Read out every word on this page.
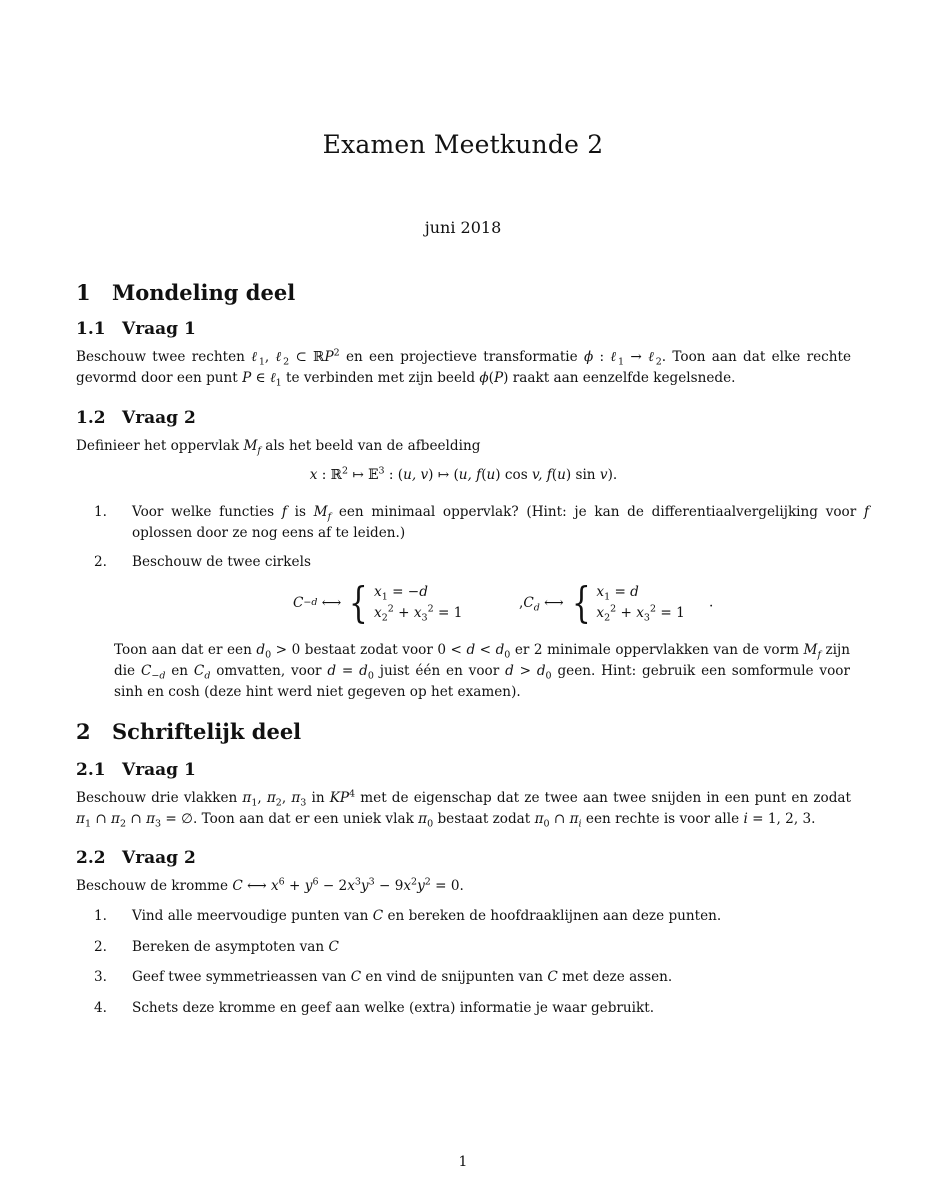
Examen Meetkunde 2
juni 2018
1 Mondeling deel
1.1 Vraag 1
Beschouw twee rechten ℓ$_1$, ℓ$_2$ ⊂ ℝP$^2$ en een projectieve transformatie ϕ : ℓ$_1$ → ℓ$_2$. Toon aan dat elke rechte gevormd door een punt P ∈ ℓ$_1$ te verbinden met zijn beeld ϕ(P) raakt aan eenzelfde kegelsnede.
1.2 Vraag 2
Definieer het oppervlak $M_f$ als het beeld van de afbeelding
x : ℝ$^2$ ↦ 𝔼$^3$ : (u, v) ↦ (u, f(u) cos v, f(u) sin v).
1.	Voor welke functies f is $M_f$ een minimaal oppervlak? (Hint: je kan de differentiaalvergelijking voor f oplossen door ze nog eens af te leiden.)
2.	Beschouw de twee cirkels
C −d ⟷ { $x_1 = -d$
$x_2^2 + x_3^2 = 1$
, $C_d$ ⟷ { $x_1 = d$
$x_2^2 + x_3^2 = 1$
.
Toon aan dat er een $d_0 > 0$ bestaat zodat voor $0 < d < d_0$ er 2 minimale oppervlakken van de vorm $M_f$ zijn die $C_{-d}$ en $C_d$ omvatten, voor $d = d_0$ juist één en voor $d > d_0$ geen. Hint: gebruik een somformule voor sinh en cosh (deze hint werd niet gegeven op het examen).
2 Schriftelijk deel
2.1 Vraag 1
Beschouw drie vlakken $\pi_1$, $\pi_2$, $\pi_3$ in $KP^4$ met de eigenschap dat ze twee aan twee snijden in een punt en zodat $\pi_1$ ∩ $\pi_2$ ∩ $\pi_3$ = ∅. Toon aan dat er een uniek vlak $\pi_0$ bestaat zodat $\pi_0$ ∩ $\pi_i$ een rechte is voor alle i = 1, 2, 3.
2.2 Vraag 2
Beschouw de kromme C ⟷ $x^6 + y^6 - 2x^3y^3 - 9x^2y^2 = 0$.
1.	Vind alle meervoudige punten van C en bereken de hoofdraaklijnen aan deze punten.
2.	Bereken de asymptoten van C
3.	Geef twee symmetrieassen van C en vind de snijpunten van C met deze assen.
4.	Schets deze kromme en geef aan welke (extra) informatie je waar gebruikt.
1
